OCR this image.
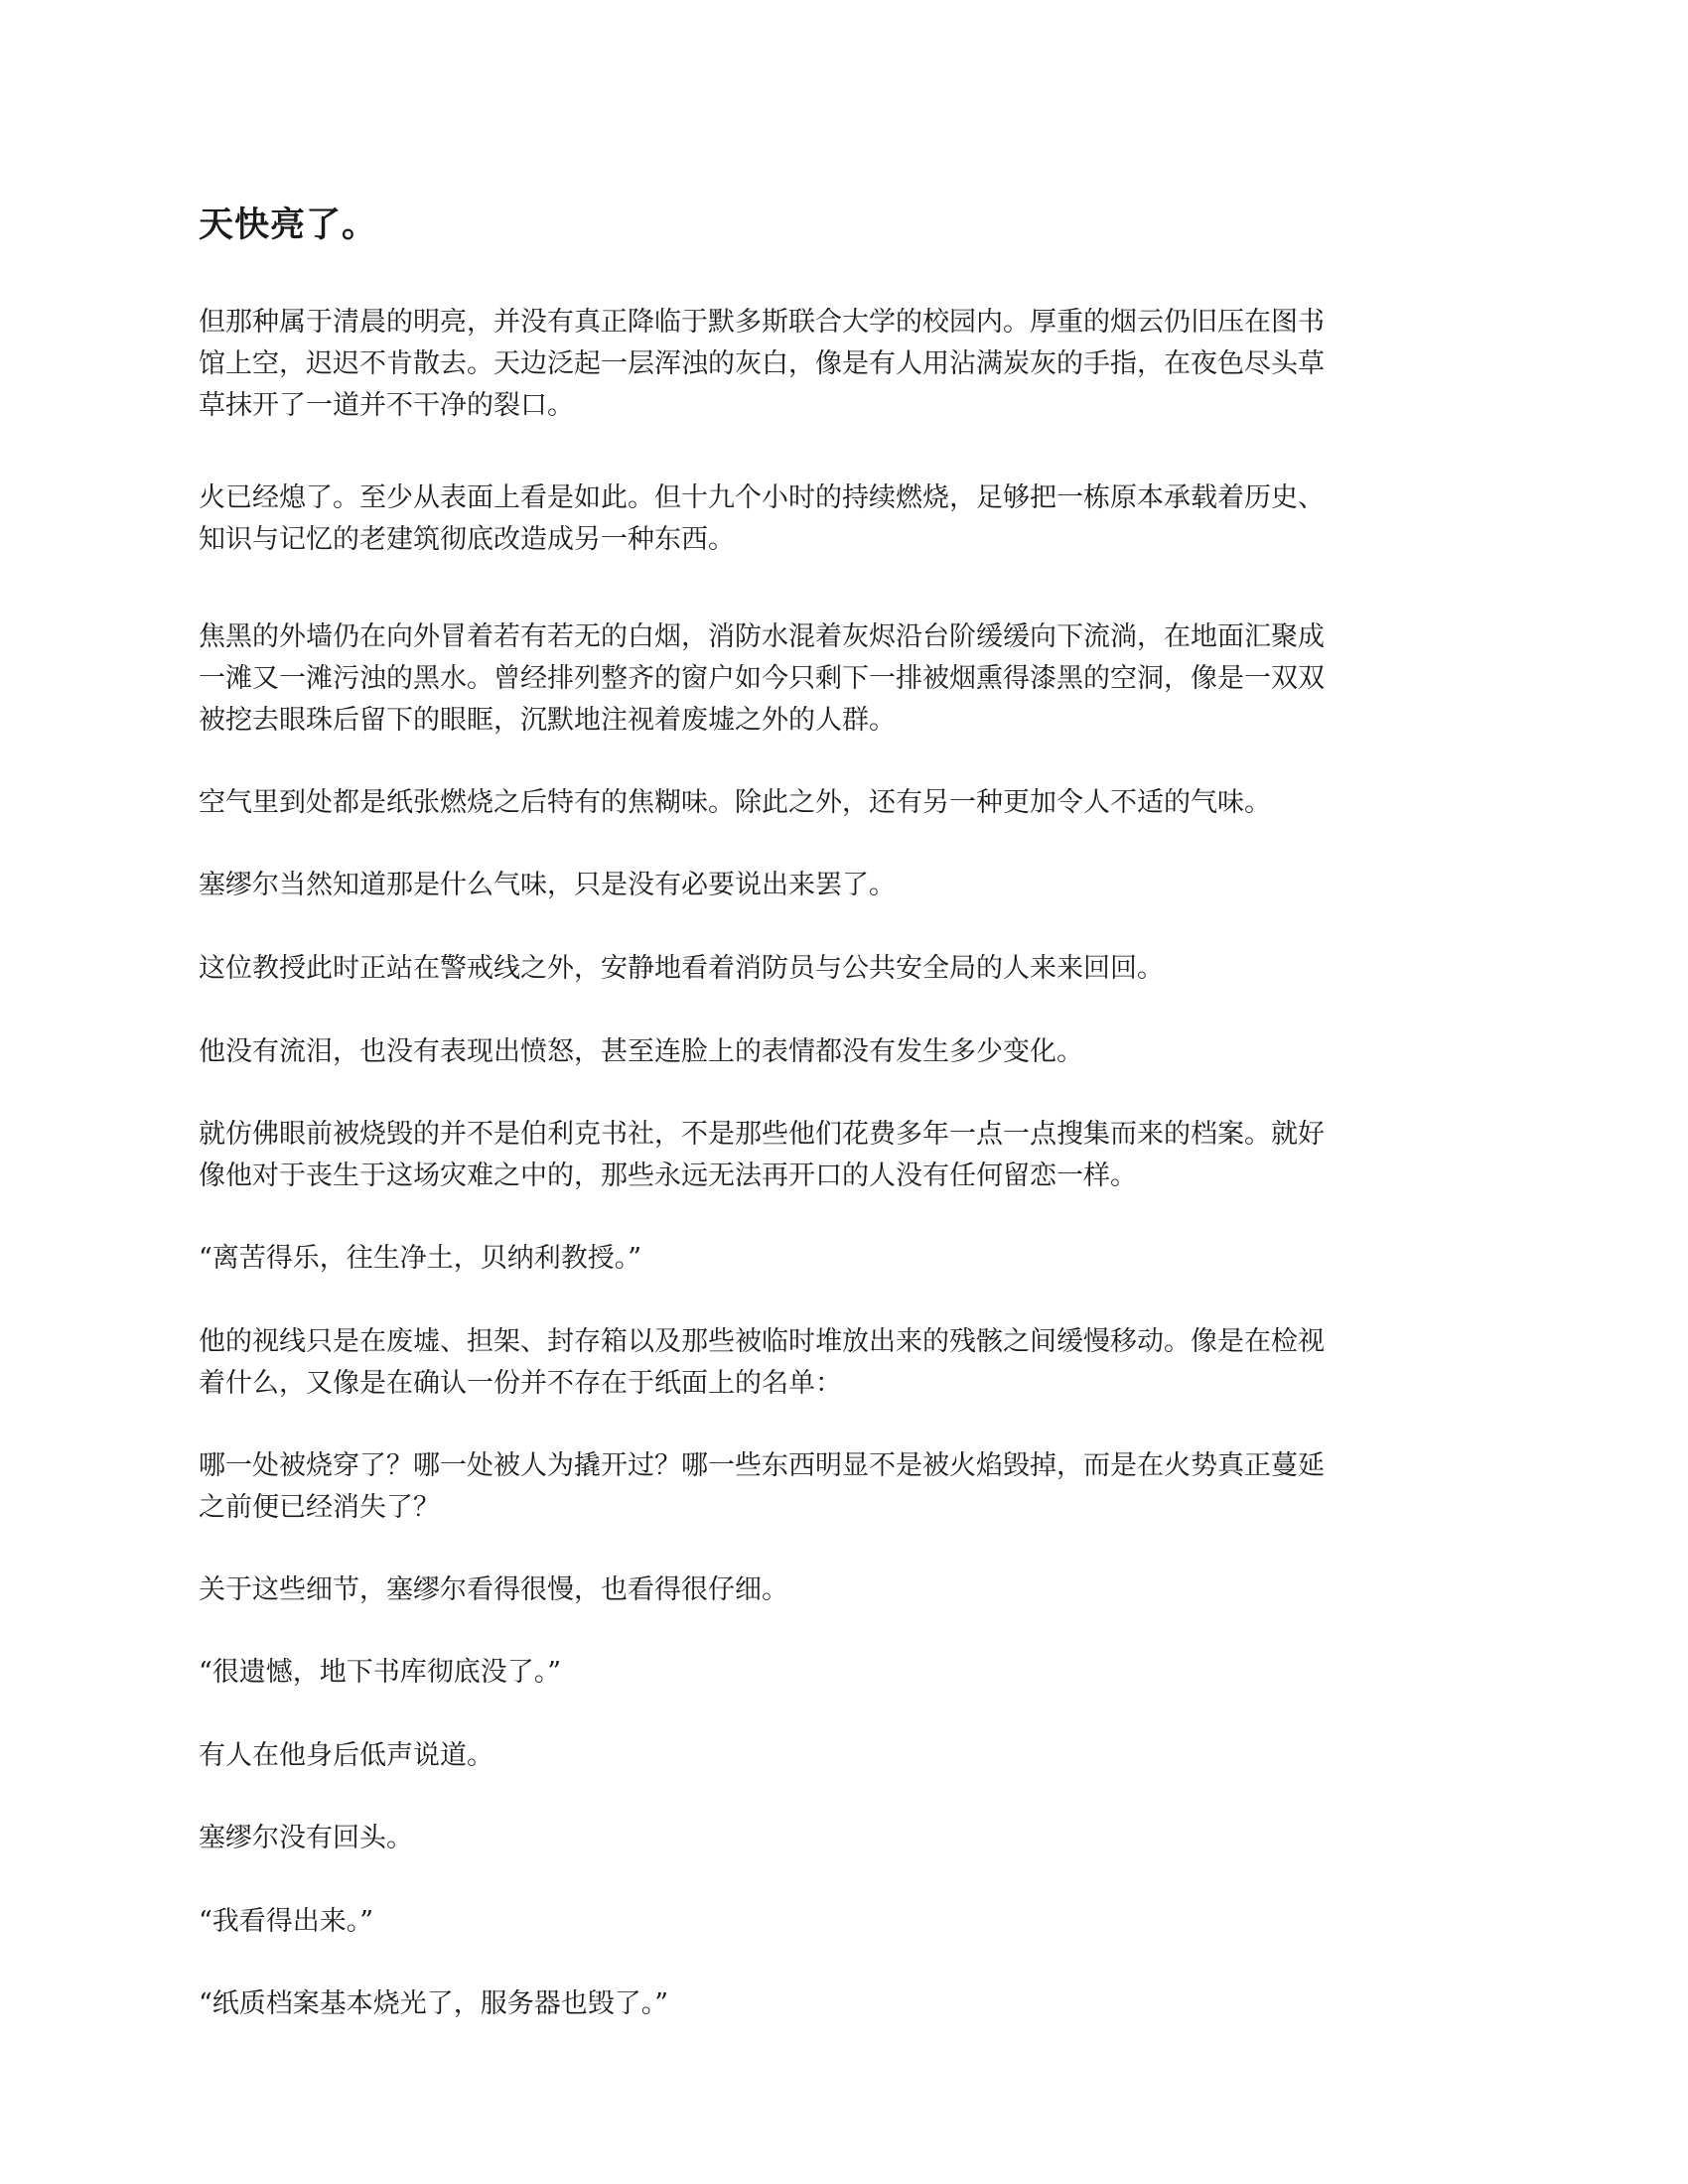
天快亮了。

但那种属于清晨的明亮，并没有真正降临于默多斯联合大学的校园内。厚重的烟云仍旧压在图书
馆上空，迟迟不肯散去。天边泛起一层浑浊的灰白，像是有人用沾满炭灰的手指，在夜色尽头草
草抹开了一道并不干净的裂口。

火已经熄了。至少从表面上看是如此。但十九个小时的持续燃烧，足够把一栋原本承载着历史、
知识与记忆的老建筑彻底改造成另一种东西。

焦黑的外墙仍在向外冒着若有若无的白烟，消防水混着灰烬沿台阶缓缓向下流淌，在地面汇聚成
一滩又一滩污浊的黑水。曾经排列整齐的窗户如今只剩下一排被烟熏得漆黑的空洞，像是一双双
被挖去眼珠后留下的眼眶，沉默地注视着废墟之外的人群。

空气里到处都是纸张燃烧之后特有的焦糊味。除此之外，还有另一种更加令人不适的气味。

塞缪尔当然知道那是什么气味，只是没有必要说出来罢了。

这位教授此时正站在警戒线之外，安静地看着消防员与公共安全局的人来来回回。

他没有流泪，也没有表现出愤怒，甚至连脸上的表情都没有发生多少变化。

就仿佛眼前被烧毁的并不是伯利克书社，不是那些他们花费多年一点一点搜集而来的档案。就好
像他对于丧生于这场灾难之中的，那些永远无法再开口的人没有任何留恋一样。

“离苦得乐，往生净土，贝纳利教授。”

他的视线只是在废墟、担架、封存箱以及那些被临时堆放出来的残骸之间缓慢移动。像是在检视
着什么，又像是在确认一份并不存在于纸面上的名单：

哪一处被烧穿了？哪一处被人为撬开过？哪一些东西明显不是被火焰毁掉，而是在火势真正蔓延
之前便已经消失了？

关于这些细节，塞缪尔看得很慢，也看得很仔细。

“很遗憾，地下书库彻底没了。”

有人在他身后低声说道。

塞缪尔没有回头。

“我看得出来。”

“纸质档案基本烧光了，服务器也毁了。”
